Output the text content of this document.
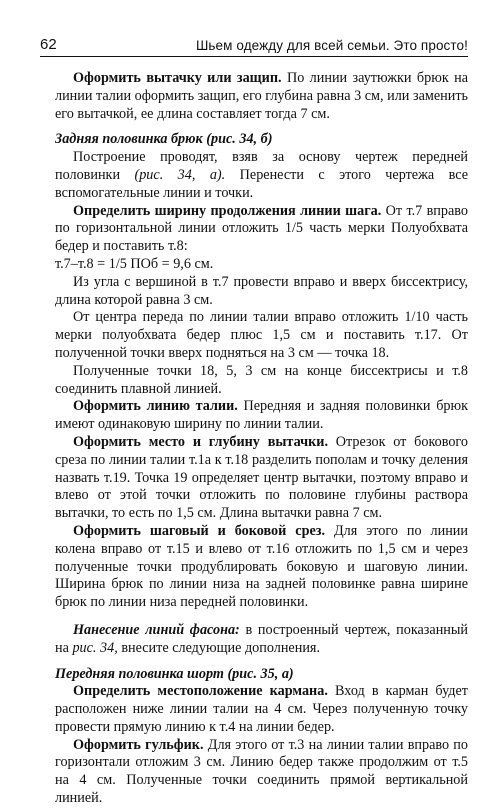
62	Шьем одежду для всей семьи. Это просто!

Оформить вытачку или защип. По линии заутюжки брюк на линии талии оформить защип, его глубина равна 3 см, или заменить его вытачкой, ее длина составляет тогда 7 см.

Задняя половинка брюк (рис. 34, б)

Построение проводят, взяв за основу чертеж передней половинки (рис. 34, а). Перенести с этого чертежа все вспомогательные линии и точки.

Определить ширину продолжения линии шага. От т.7 вправо по горизонтальной линии отложить 1/5 часть мерки Полуобхвата бедер и поставить т.8:

т.7–т.8 = 1/5 ПОб = 9,6 см.

Из угла с вершиной в т.7 провести вправо и вверх биссектрису, длина которой равна 3 см.

От центра переда по линии талии вправо отложить 1/10 часть мерки полуобхвата бедер плюс 1,5 см и поставить т.17. От полученной точки вверх подняться на 3 см — точка 18.

Полученные точки 18, 5, 3 см на конце биссектрисы и т.8 соединить плавной линией.

Оформить линию талии. Передняя и задняя половинки брюк имеют одинаковую ширину по линии талии.

Оформить место и глубину вытачки. Отрезок от бокового среза по линии талии т.1а к т.18 разделить пополам и точку деления назвать т.19. Точка 19 определяет центр вытачки, поэтому вправо и влево от этой точки отложить по половине глубины раствора вытачки, то есть по 1,5 см. Длина вытачки равна 7 см.

Оформить шаговый и боковой срез. Для этого по линии колена вправо от т.15 и влево от т.16 отложить по 1,5 см и через полученные точки продублировать боковую и шаговую линии. Ширина брюк по линии низа на задней половинке равна ширине брюк по линии низа передней половинки.

Нанесение линий фасона: в построенный чертеж, показанный на рис. 34, внесите следующие дополнения.

Передняя половинка шорт (рис. 35, а)

Определить местоположение кармана. Вход в карман будет расположен ниже линии талии на 4 см. Через полученную точку провести прямую линию к т.4 на линии бедер.

Оформить гульфик. Для этого от т.3 на линии талии вправо по горизонтали отложим 3 см. Линию бедер также продолжим от т.5 на 4 см. Полученные точки соединить прямой вертикальной линией.
